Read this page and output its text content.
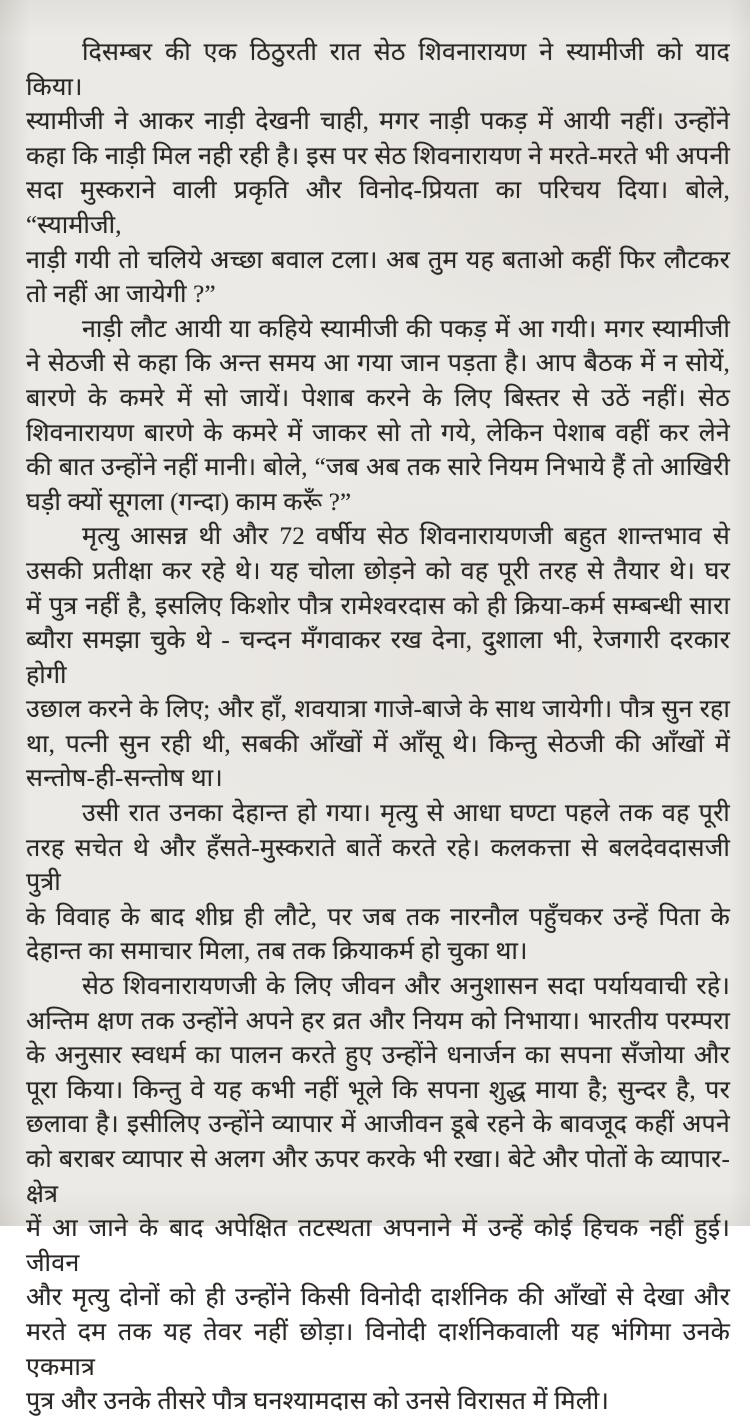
दिसम्बर की एक ठिठुरती रात सेठ शिवनारायण ने स्यामीजी को याद किया।
स्यामीजी ने आकर नाड़ी देखनी चाही, मगर नाड़ी पकड़ में आयी नहीं। उन्होंने
कहा कि नाड़ी मिल नही रही है। इस पर सेठ शिवनारायण ने मरते-मरते भी अपनी
सदा मुस्कराने वाली प्रकृति और विनोद-प्रियता का परिचय दिया। बोले, “स्यामीजी,
नाड़ी गयी तो चलिये अच्छा बवाल टला। अब तुम यह बताओ कहीं फिर लौटकर
तो नहीं आ जायेगी ?”

नाड़ी लौट आयी या कहिये स्यामीजी की पकड़ में आ गयी। मगर स्यामीजी
ने सेठजी से कहा कि अन्त समय आ गया जान पड़ता है। आप बैठक में न सोयें,
बारणे के कमरे में सो जायें। पेशाब करने के लिए बिस्तर से उठें नहीं। सेठ
शिवनारायण बारणे के कमरे में जाकर सो तो गये, लेकिन पेशाब वहीं कर लेने
की बात उन्होंने नहीं मानी। बोले, “जब अब तक सारे नियम निभाये हैं तो आखिरी
घड़ी क्यों सूगला (गन्दा) काम करूँ ?”

मृत्यु आसन्न थी और 72 वर्षीय सेठ शिवनारायणजी बहुत शान्तभाव से
उसकी प्रतीक्षा कर रहे थे। यह चोला छोड़ने को वह पूरी तरह से तैयार थे। घर
में पुत्र नहीं है, इसलिए किशोर पौत्र रामेश्वरदास को ही क्रिया-कर्म सम्बन्धी सारा
ब्यौरा समझा चुके थे - चन्दन मँगवाकर रख देना, दुशाला भी, रेजगारी दरकार होगी
उछाल करने के लिए; और हाँ, शवयात्रा गाजे-बाजे के साथ जायेगी। पौत्र सुन रहा
था, पत्नी सुन रही थी, सबकी आँखों में आँसू थे। किन्तु सेठजी की आँखों में
सन्तोष-ही-सन्तोष था।

उसी रात उनका देहान्त हो गया। मृत्यु से आधा घण्टा पहले तक वह पूरी
तरह सचेत थे और हँसते-मुस्कराते बातें करते रहे। कलकत्ता से बलदेवदासजी पुत्री
के विवाह के बाद शीघ्र ही लौटे, पर जब तक नारनौल पहुँचकर उन्हें पिता के
देहान्त का समाचार मिला, तब तक क्रियाकर्म हो चुका था।

सेठ शिवनारायणजी के लिए जीवन और अनुशासन सदा पर्यायवाची रहे।
अन्तिम क्षण तक उन्होंने अपने हर व्रत और नियम को निभाया। भारतीय परम्परा
के अनुसार स्वधर्म का पालन करते हुए उन्होंने धनार्जन का सपना सँजोया और
पूरा किया। किन्तु वे यह कभी नहीं भूले कि सपना शुद्ध माया है; सुन्दर है, पर
छलावा है। इसीलिए उन्होंने व्यापार में आजीवन डूबे रहने के बावजूद कहीं अपने
को बराबर व्यापार से अलग और ऊपर करके भी रखा। बेटे और पोतों के व्यापार-क्षेत्र
में आ जाने के बाद अपेक्षित तटस्थता अपनाने में उन्हें कोई हिचक नहीं हुई। जीवन
और मृत्यु दोनों को ही उन्होंने किसी विनोदी दार्शनिक की आँखों से देखा और
मरते दम तक यह तेवर नहीं छोड़ा। विनोदी दार्शनिकवाली यह भंगिमा उनके एकमात्र
पुत्र और उनके तीसरे पौत्र घनश्यामदास को उनसे विरासत में मिली।
